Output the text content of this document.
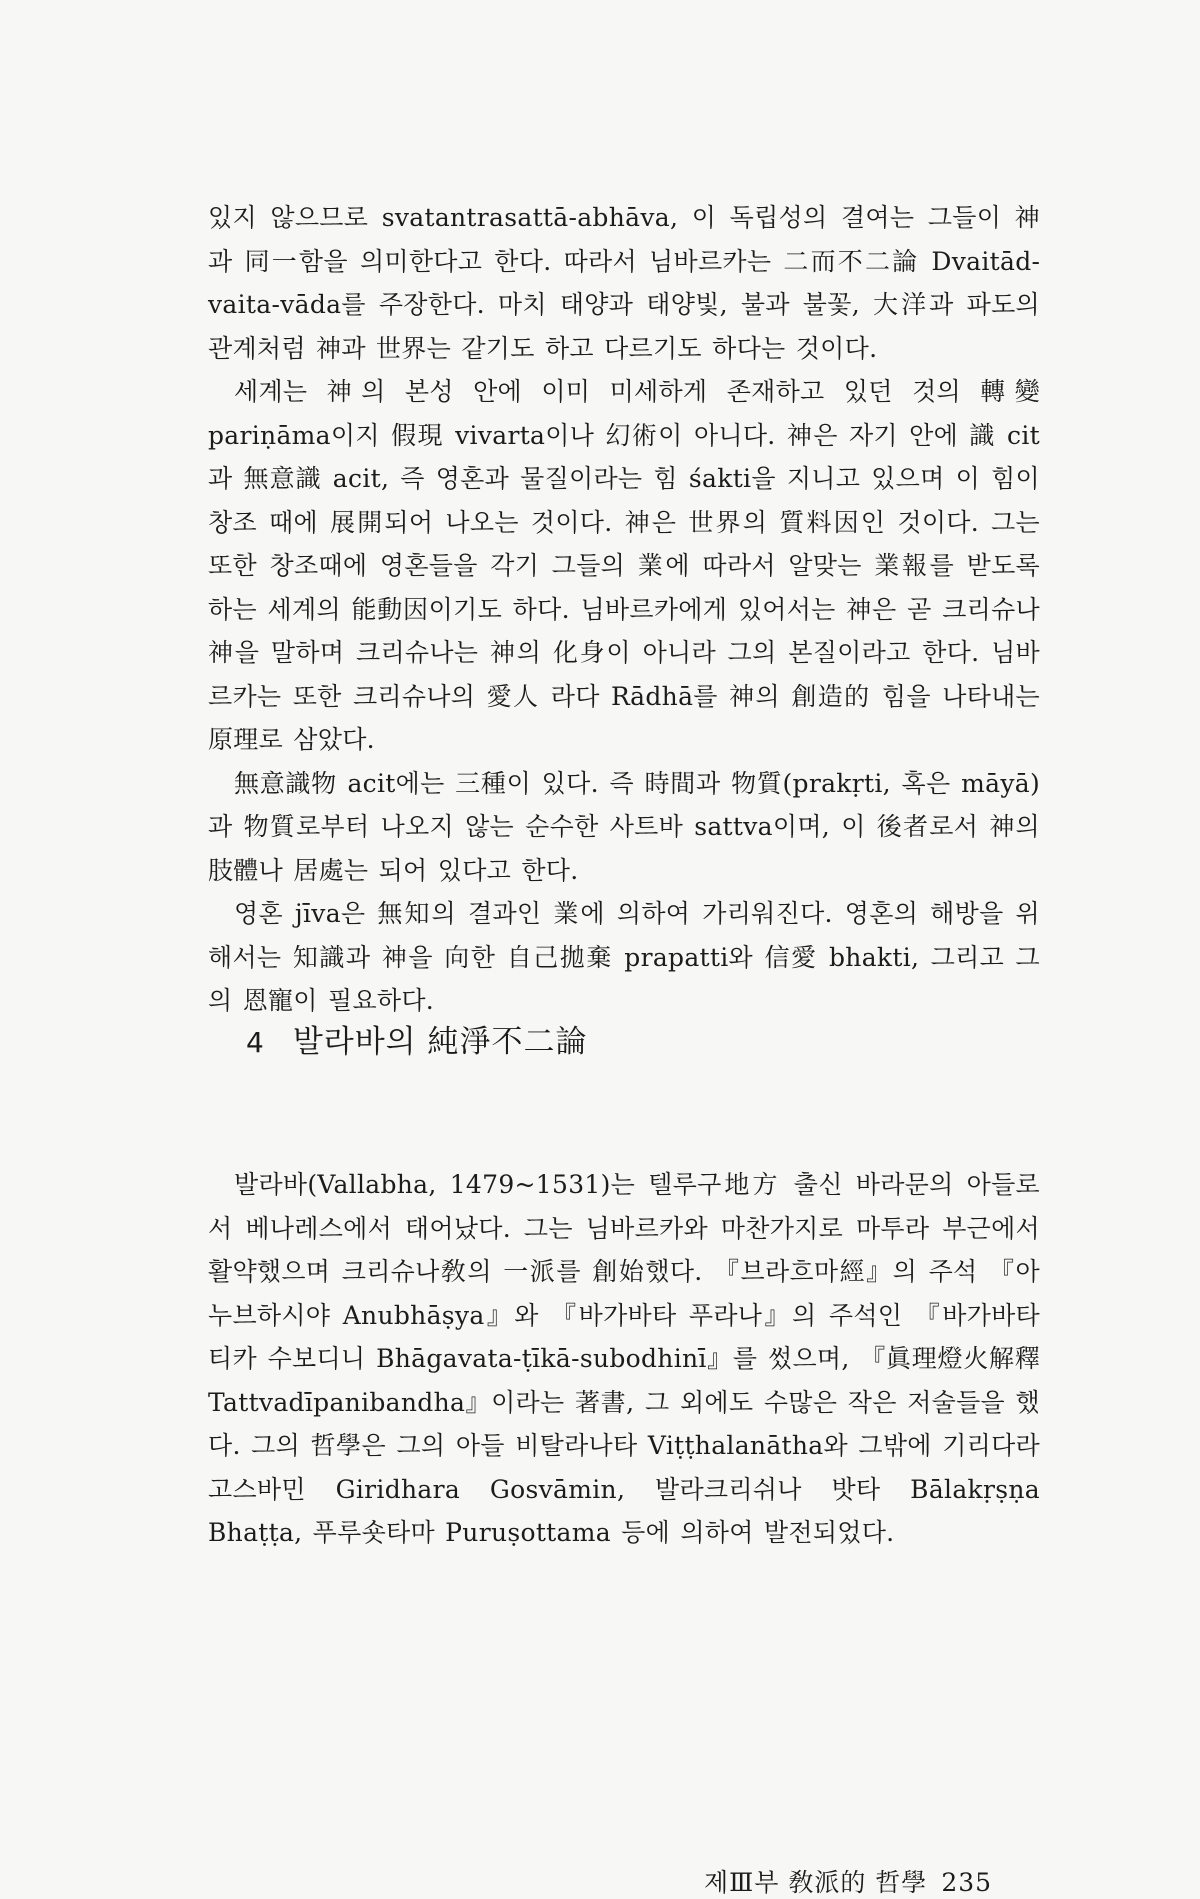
있지 않으므로 svatantrasattā-abhāva, 이 독립성의 결여는 그들이 神과 同一함을 의미한다고 한다. 따라서 님바르카는 二而不二論 Dvaitādvaita-vāda를 주장한다. 마치 태양과 태양빛, 불과 불꽃, 大洋과 파도의 관계처럼 神과 世界는 같기도 하고 다르기도 하다는 것이다.

세계는 神의 본성 안에 이미 미세하게 존재하고 있던 것의 轉變 pariṇāma이지 假現 vivarta이나 幻術이 아니다. 神은 자기 안에 識 cit과 無意識 acit, 즉 영혼과 물질이라는 힘 śakti을 지니고 있으며 이 힘이 창조 때에 展開되어 나오는 것이다. 神은 世界의 質料因인 것이다. 그는 또한 창조때에 영혼들을 각기 그들의 業에 따라서 알맞는 業報를 받도록 하는 세계의 能動因이기도 하다. 님바르카에게 있어서는 神은 곧 크리슈나神을 말하며 크리슈나는 神의 化身이 아니라 그의 본질이라고 한다. 님바르카는 또한 크리슈나의 愛人 라다 Rādhā를 神의 創造的 힘을 나타내는 原理로 삼았다.

無意識物 acit에는 三種이 있다. 즉 時間과 物質(prakṛti, 혹은 māyā)과 物質로부터 나오지 않는 순수한 사트바 sattva이며, 이 後者로서 神의 肢體나 居處는 되어 있다고 한다.

영혼 jīva은 無知의 결과인 業에 의하여 가리워진다. 영혼의 해방을 위해서는 知識과 神을 向한 自己拋棄 prapatti와 信愛 bhakti, 그리고 그의 恩寵이 필요하다.

4 발라바의 純淨不二論

발라바(Vallabha, 1479~1531)는 텔루구地方 출신 바라문의 아들로서 베나레스에서 태어났다. 그는 님바르카와 마찬가지로 마투라 부근에서 활약했으며 크리슈나敎의 一派를 創始했다. 『브라흐마經』의 주석 『아누브하시야 Anubhāṣya』와 『바가바타 푸라나』의 주석인 『바가바타티카 수보디니 Bhāgavata-ṭīkā-subodhinī』를 썼으며, 『眞理燈火解釋 Tattvadīpanibandha』이라는 著書, 그 외에도 수많은 작은 저술들을 했다. 그의 哲學은 그의 아들 비탈라나타 Viṭṭhalanātha와 그밖에 기리다라 고스바민 Giridhara Gosvāmin, 발라크리쉬나 밧타 Bālakṛṣṇa Bhaṭṭa, 푸루숏타마 Puruṣottama 등에 의하여 발전되었다.

제Ⅲ부 敎派的 哲學 235
